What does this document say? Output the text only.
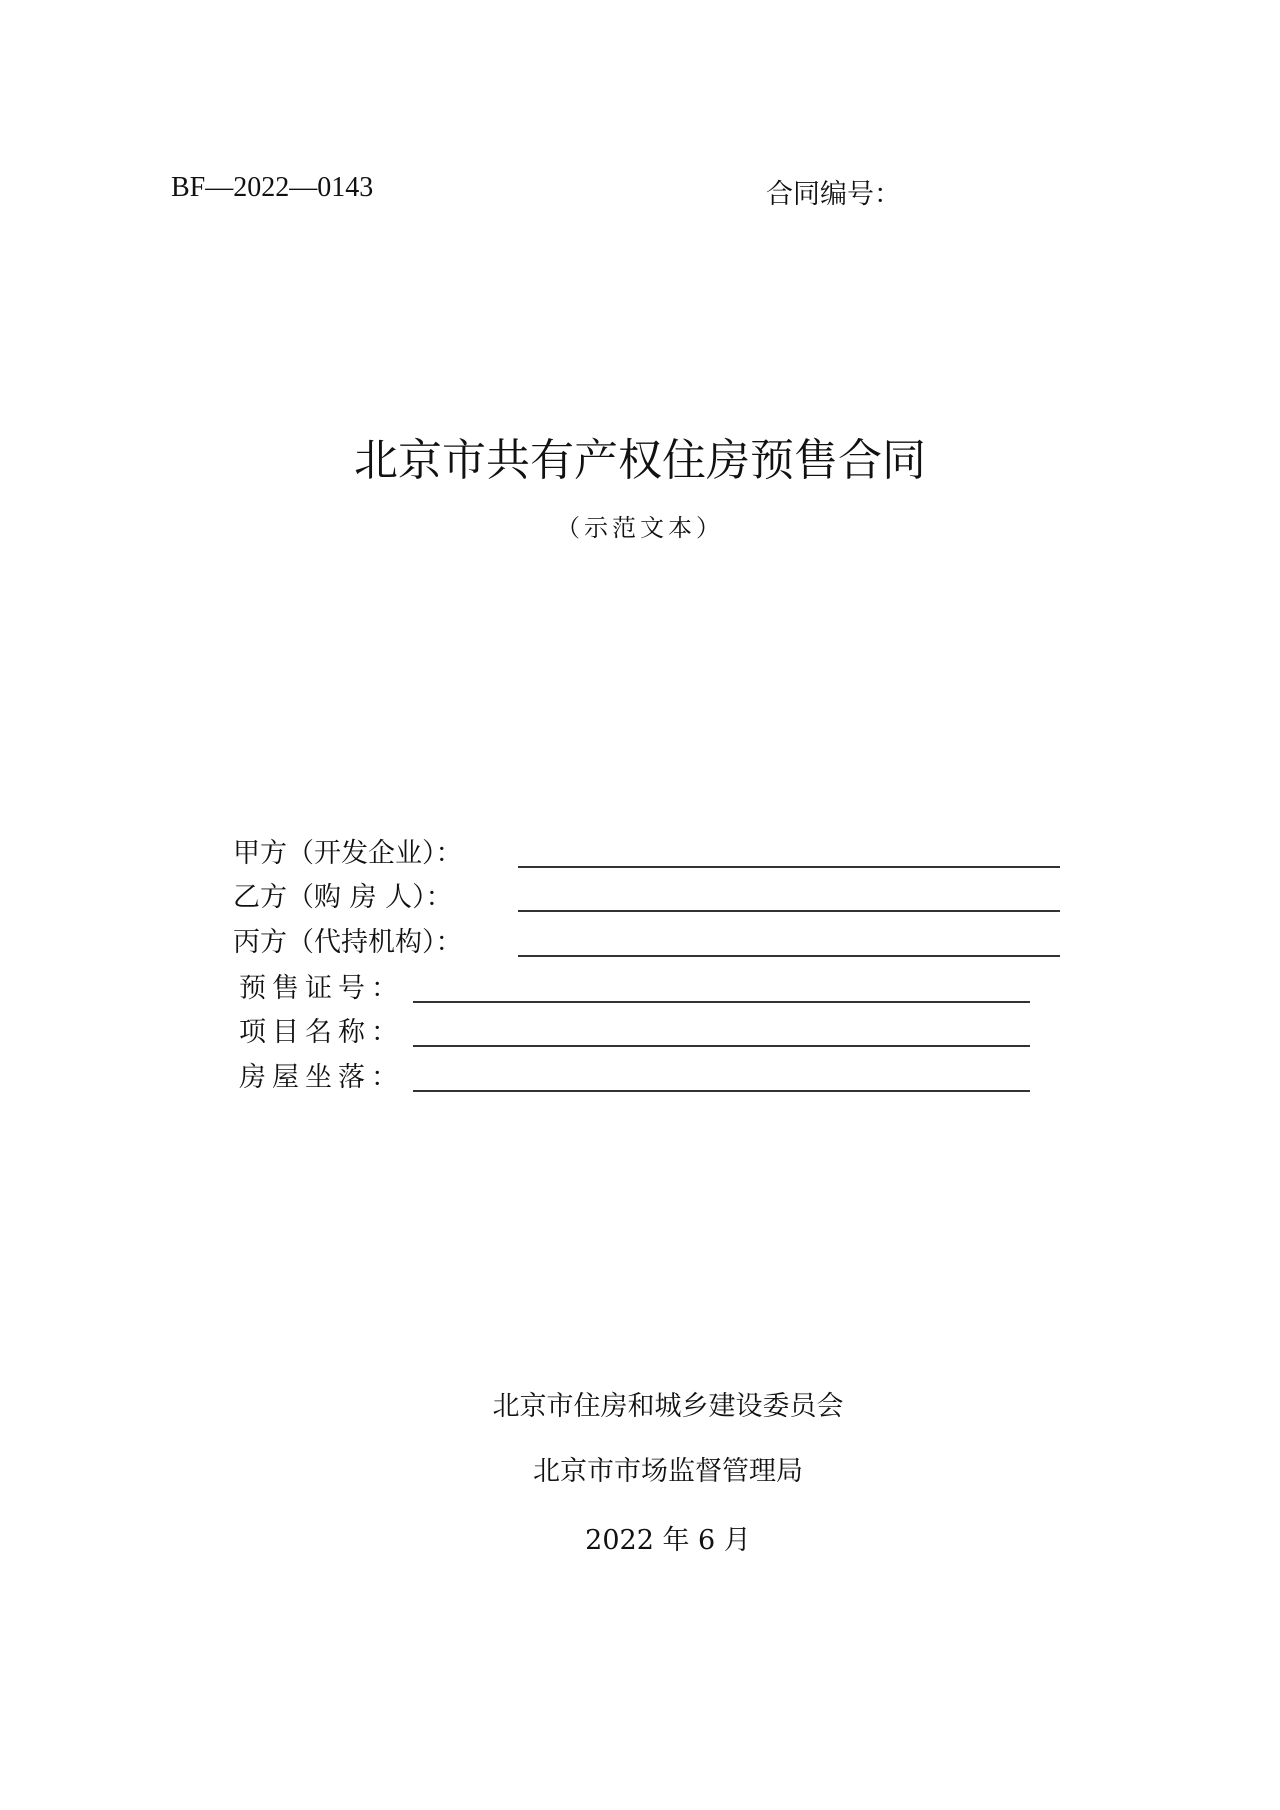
BF—2022—0143	合同编号：
北京市共有产权住房预售合同
（示范文本）
甲方（开发企业）：
乙方（购 房 人）：
丙方（代持机构）：
预售证号：
项目名称：
房屋坐落：
北京市住房和城乡建设委员会
北京市市场监督管理局
2022 年 6 月
